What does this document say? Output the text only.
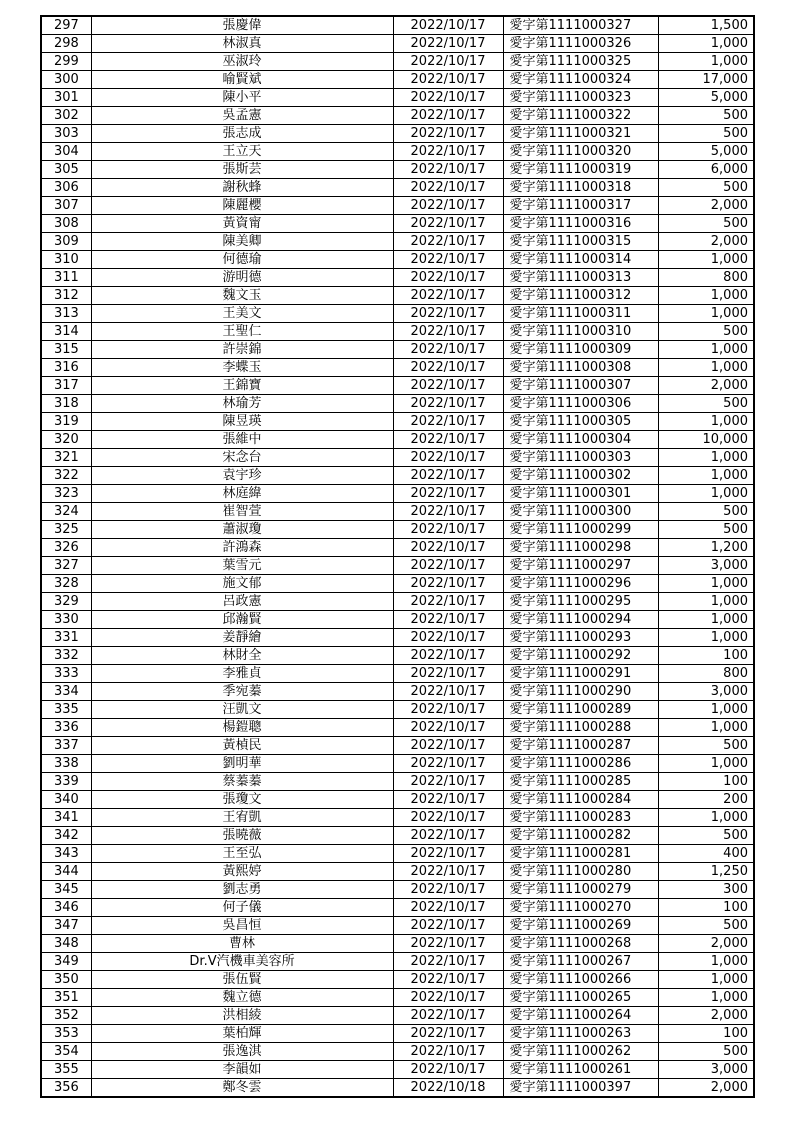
297	張慶偉	2022/10/17	愛字第1111000327	1,500
298	林淑真	2022/10/17	愛字第1111000326	1,000
299	巫淑玲	2022/10/17	愛字第1111000325	1,000
300	喻賢斌	2022/10/17	愛字第1111000324	17,000
301	陳小平	2022/10/17	愛字第1111000323	5,000
302	吳孟憲	2022/10/17	愛字第1111000322	500
303	張志成	2022/10/17	愛字第1111000321	500
304	王立天	2022/10/17	愛字第1111000320	5,000
305	張斯芸	2022/10/17	愛字第1111000319	6,000
306	謝秋蜂	2022/10/17	愛字第1111000318	500
307	陳麗櫻	2022/10/17	愛字第1111000317	2,000
308	黃資甯	2022/10/17	愛字第1111000316	500
309	陳美卿	2022/10/17	愛字第1111000315	2,000
310	何德瑜	2022/10/17	愛字第1111000314	1,000
311	游明德	2022/10/17	愛字第1111000313	800
312	魏文玉	2022/10/17	愛字第1111000312	1,000
313	王美文	2022/10/17	愛字第1111000311	1,000
314	王聖仁	2022/10/17	愛字第1111000310	500
315	許崇錦	2022/10/17	愛字第1111000309	1,000
316	李蝶玉	2022/10/17	愛字第1111000308	1,000
317	王錦寶	2022/10/17	愛字第1111000307	2,000
318	林瑜芳	2022/10/17	愛字第1111000306	500
319	陳昱瑛	2022/10/17	愛字第1111000305	1,000
320	張維中	2022/10/17	愛字第1111000304	10,000
321	宋念台	2022/10/17	愛字第1111000303	1,000
322	袁宇珍	2022/10/17	愛字第1111000302	1,000
323	林庭緯	2022/10/17	愛字第1111000301	1,000
324	崔智萱	2022/10/17	愛字第1111000300	500
325	蕭淑瓊	2022/10/17	愛字第1111000299	500
326	許鴻森	2022/10/17	愛字第1111000298	1,200
327	葉雪元	2022/10/17	愛字第1111000297	3,000
328	施文郁	2022/10/17	愛字第1111000296	1,000
329	呂政憲	2022/10/17	愛字第1111000295	1,000
330	邱瀚賢	2022/10/17	愛字第1111000294	1,000
331	姜靜繪	2022/10/17	愛字第1111000293	1,000
332	林財全	2022/10/17	愛字第1111000292	100
333	李雅貞	2022/10/17	愛字第1111000291	800
334	季宛蓁	2022/10/17	愛字第1111000290	3,000
335	汪凱文	2022/10/17	愛字第1111000289	1,000
336	楊鎧聰	2022/10/17	愛字第1111000288	1,000
337	黃楨民	2022/10/17	愛字第1111000287	500
338	劉明華	2022/10/17	愛字第1111000286	1,000
339	蔡蓁蓁	2022/10/17	愛字第1111000285	100
340	張瓊文	2022/10/17	愛字第1111000284	200
341	王宥凱	2022/10/17	愛字第1111000283	1,000
342	張曉薇	2022/10/17	愛字第1111000282	500
343	王至弘	2022/10/17	愛字第1111000281	400
344	黃熙婷	2022/10/17	愛字第1111000280	1,250
345	劉志勇	2022/10/17	愛字第1111000279	300
346	何子儀	2022/10/17	愛字第1111000270	100
347	吳昌恒	2022/10/17	愛字第1111000269	500
348	曹林	2022/10/17	愛字第1111000268	2,000
349	Dr.V汽機車美容所	2022/10/17	愛字第1111000267	1,000
350	張伍賢	2022/10/17	愛字第1111000266	1,000
351	魏立德	2022/10/17	愛字第1111000265	1,000
352	洪相綾	2022/10/17	愛字第1111000264	2,000
353	葉柏輝	2022/10/17	愛字第1111000263	100
354	張逸淇	2022/10/17	愛字第1111000262	500
355	李韻如	2022/10/17	愛字第1111000261	3,000
356	鄭冬雲	2022/10/18	愛字第1111000397	2,000
